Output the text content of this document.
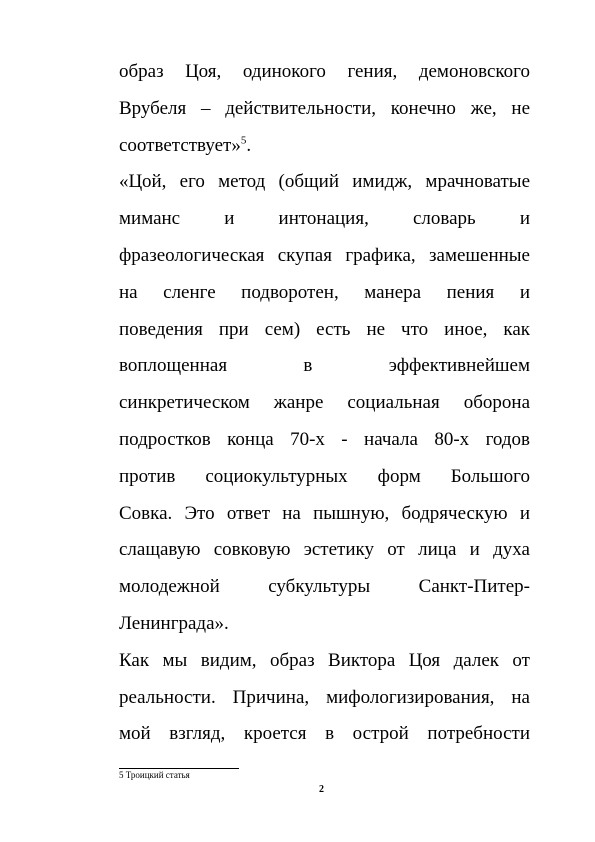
образ Цоя, одинокого гения, демоновского
Врубеля – действительности, конечно же, не
соответствует»$^5$.

«Цой, его метод (общий имидж, мрачноватые
миманс и интонация, словарь и
фразеологическая скупая графика, замешенные
на сленге подворотен, манера пения и
поведения при сем) есть не что иное, как
воплощенная в эффективнейшем
синкретическом жанре социальная оборона
подростков конца 70-х - начала 80-х годов
против социокультурных форм Большого
Совка. Это ответ на пышную, бодряческую и
слащавую совковую эстетику от лица и духа
молодежной субкультуры Санкт-Питер-
Ленинграда».

Как мы видим, образ Виктора Цоя далек от
реальности. Причина, мифологизирования, на
мой взгляд, кроется в острой потребности

5 Троицкий статья
2
